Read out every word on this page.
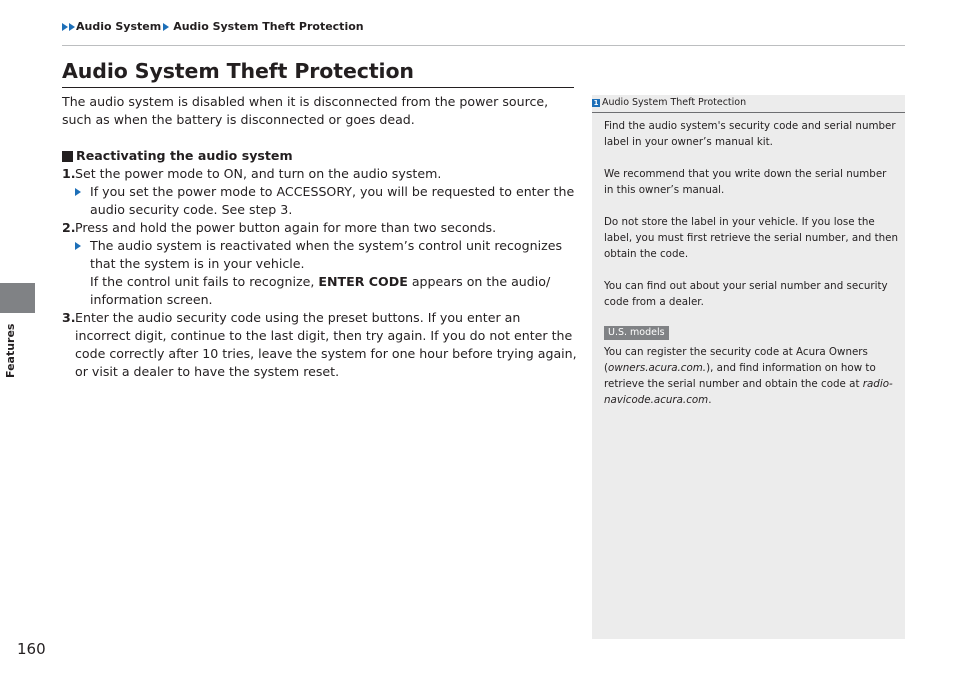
Audio System Audio System Theft Protection
Features
Audio System Theft Protection

The audio system is disabled when it is disconnected from the power source, such as when the battery is disconnected or goes dead.

Reactivating the audio system

1. Set the power mode to ON, and turn on the audio system.
If you set the power mode to ACCESSORY, you will be requested to enter the audio security code. See step 3.
2. Press and hold the power button again for more than two seconds.
The audio system is reactivated when the system’s control unit recognizes that the system is in your vehicle.
If the control unit fails to recognize, ENTER CODE appears on the audio/ information screen.
3. Enter the audio security code using the preset buttons. If you enter an incorrect digit, continue to the last digit, then try again. If you do not enter the code correctly after 10 tries, leave the system for one hour before trying again, or visit a dealer to have the system reset.
1 Audio System Theft Protection

Find the audio system's security code and serial number label in your owner’s manual kit.

We recommend that you write down the serial number in this owner’s manual.

Do not store the label in your vehicle. If you lose the label, you must first retrieve the serial number, and then obtain the code.

You can find out about your serial number and security code from a dealer.

U.S. models

You can register the security code at Acura Owners (owners.acura.com.), and find information on how to retrieve the serial number and obtain the code at radio-navicode.acura.com.

160
